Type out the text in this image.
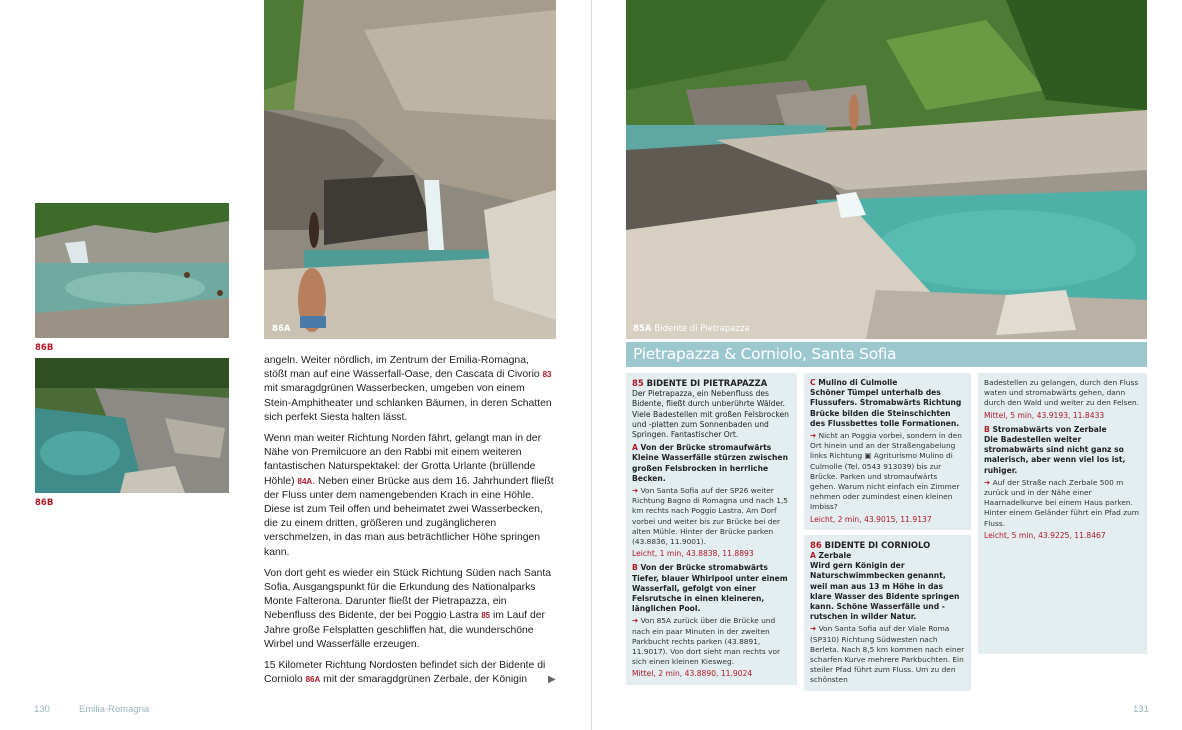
86B
86B
86A

angeln. Weiter nördlich, im Zentrum der Emilia-Romagna, stößt man auf eine Wasserfall-Oase, den Cascata di Civorio 83 mit smaragdgrünen Wasserbecken, umgeben von einem Stein-Amphitheater und schlanken Bäumen, in deren Schatten sich perfekt Siesta halten lässt.

Wenn man weiter Richtung Norden fährt, gelangt man in der Nähe von Premilcuore an den Rabbi mit einem weiteren fantastischen Naturspektakel: der Grotta Urlante (brüllende Höhle) 84A. Neben einer Brücke aus dem 16. Jahrhundert fließt der Fluss unter dem namengebenden Krach in eine Höhle. Diese ist zum Teil offen und beheimatet zwei Wasserbecken, die zu einem dritten, größeren und zugänglicheren verschmelzen, in das man aus beträchtlicher Höhe springen kann.

Von dort geht es wieder ein Stück Richtung Süden nach Santa Sofia, Ausgangspunkt für die Erkundung des Nationalparks Monte Falterona. Darunter fließt der Pietrapazza, ein Nebenfluss des Bidente, der bei Poggio Lastra 85 im Lauf der Jahre große Felsplatten geschliffen hat, die wunderschöne Wirbel und Wasserfälle erzeugen.

15 Kilometer Richtung Nordosten befindet sich der Bidente di Corniolo 86A mit der smaragdgrünen Zerbale, der Königin	▶
130	Emilia-Romagna
85A Bidente di Pietrapazza
Pietrapazza & Corniolo, Santa Sofia
85 BIDENTE DI PIETRAPAZZA
Der Pietrapazza, ein Nebenfluss des Bidente, fließt durch unberührte Wälder. Viele Badestellen mit großen Felsbrocken und -platten zum Sonnenbaden und Springen. Fantastischer Ort.
A Von der Brücke stromaufwärts
Kleine Wasserfälle stürzen zwischen großen Felsbrocken in herrliche Becken.
➔ Von Santa Sofia auf der SP26 weiter Richtung Bagno di Romagna und nach 1,5 km rechts nach Poggio Lastra. Am Dorf vorbei und weiter bis zur Brücke bei der alten Mühle. Hinter der Brücke parken (43.8836, 11.9001).
Leicht, 1 min, 43.8838, 11.8893
B Von der Brücke stromabwärts
Tiefer, blauer Whirlpool unter einem Wasserfall, gefolgt von einer Felsrutsche in einen kleineren, länglichen Pool.
➔ Von 85A zurück über die Brücke und nach ein paar Minuten in der zweiten Parkbucht rechts parken (43.8891, 11.9017). Von dort sieht man rechts vor sich einen kleinen Kiesweg.
Mittel, 2 min, 43.8890, 11.9024
C Mulino di Culmolle
Schöner Tümpel unterhalb des Flussufers. Stromabwärts Richtung Brücke bilden die Steinschichten des Flussbettes tolle Formationen.
➔ Nicht an Poggia vorbei, sondern in den Ort hinein und an der Straßengabelung links Richtung ▣ Agriturismo Mulino di Culmolle (Tel. 0543 913039) bis zur Brücke. Parken und stromaufwärts gehen. Warum nicht einfach ein Zimmer nehmen oder zumindest einen kleinen Imbiss?
Leicht, 2 min, 43.9015, 11.9137
86 BIDENTE DI CORNIOLO
A Zerbale
Wird gern Königin der Naturschwimmbecken genannt, weil man aus 13 m Höhe in das klare Wasser des Bidente springen kann. Schöne Wasserfälle und -rutschen in wilder Natur.
➔ Von Santa Sofia auf der Viale Roma (SP310) Richtung Südwesten nach Berleta. Nach 8,5 km kommen nach einer scharfen Kurve mehrere Parkbuchten. Ein steiler Pfad führt zum Fluss. Um zu den schönsten
Badestellen zu gelangen, durch den Fluss waten und stromabwärts gehen, dann durch den Wald und weiter zu den Felsen.
Mittel, 5 min, 43.9193, 11.8433
B Stromabwärts von Zerbale
Die Badestellen weiter stromabwärts sind nicht ganz so malerisch, aber wenn viel los ist, ruhiger.
➔ Auf der Straße nach Zerbale 500 m zurück und in der Nähe einer Haarnadelkurve bei einem Haus parken. Hinter einem Geländer führt ein Pfad zum Fluss.
Leicht, 5 min, 43.9225, 11.8467
131
